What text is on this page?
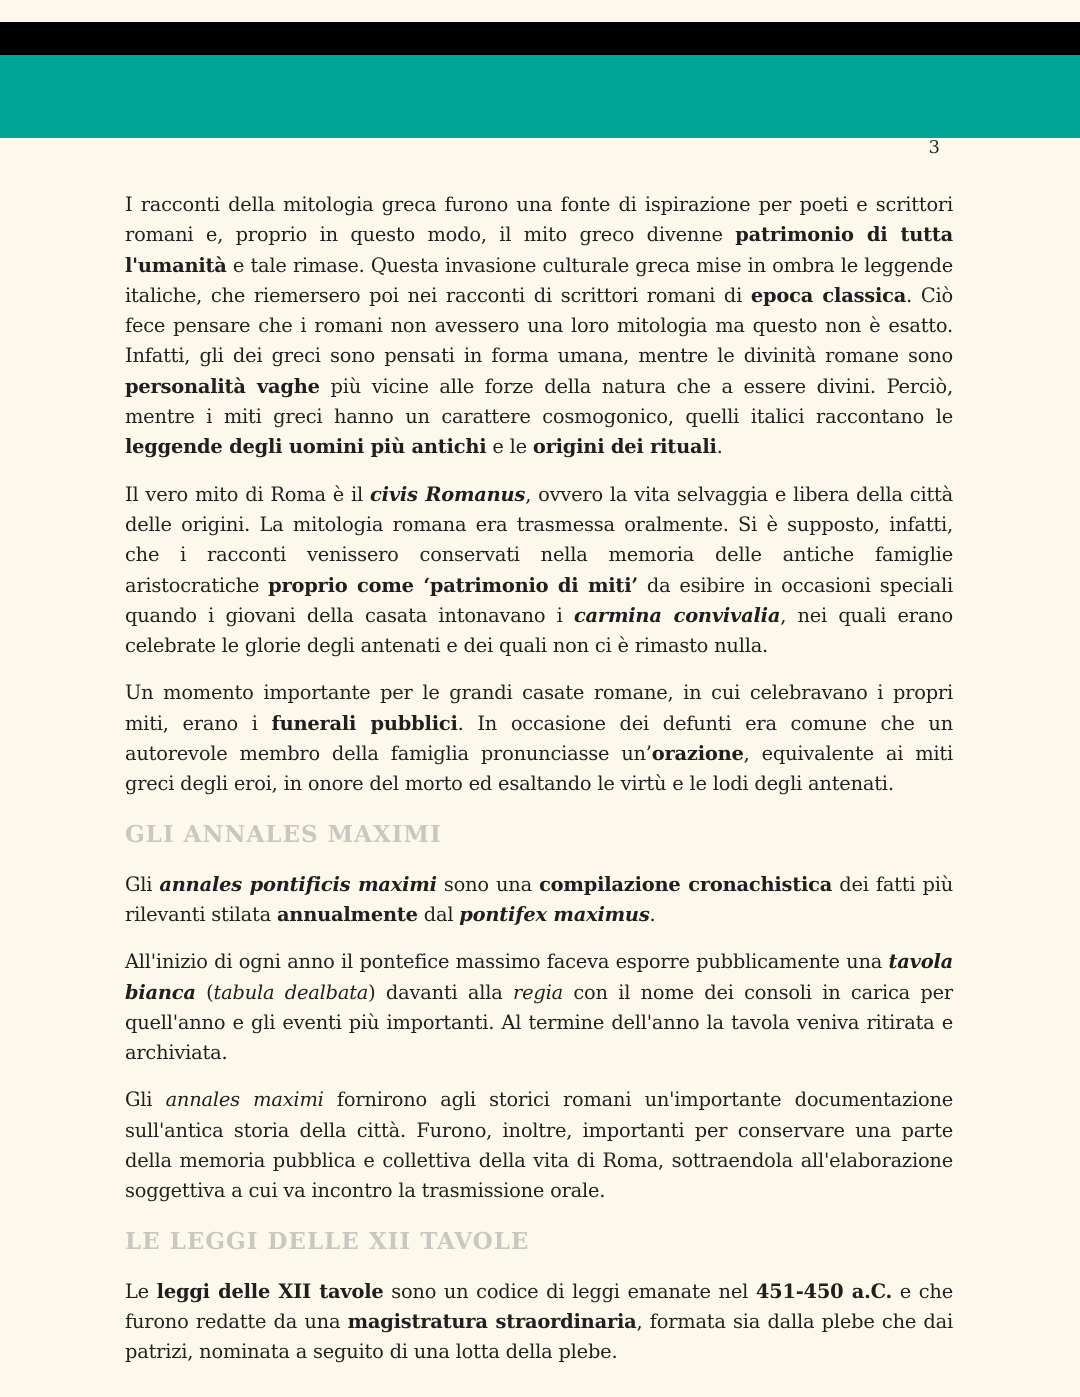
3

I racconti della mitologia greca furono una fonte di ispirazione per poeti e scrittori romani e, proprio in questo modo, il mito greco divenne patrimonio di tutta l'umanità e tale rimase. Questa invasione culturale greca mise in ombra le leggende italiche, che riemersero poi nei racconti di scrittori romani di epoca classica. Ciò fece pensare che i romani non avessero una loro mitologia ma questo non è esatto. Infatti, gli dei greci sono pensati in forma umana, mentre le divinità romane sono personalità vaghe più vicine alle forze della natura che a essere divini. Perciò, mentre i miti greci hanno un carattere cosmogonico, quelli italici raccontano le leggende degli uomini più antichi e le origini dei rituali.

Il vero mito di Roma è il civis Romanus, ovvero la vita selvaggia e libera della città delle origini. La mitologia romana era trasmessa oralmente. Si è supposto, infatti, che i racconti venissero conservati nella memoria delle antiche famiglie aristocratiche proprio come ‘patrimonio di miti’ da esibire in occasioni speciali quando i giovani della casata intonavano i carmina convivalia, nei quali erano celebrate le glorie degli antenati e dei quali non ci è rimasto nulla.

Un momento importante per le grandi casate romane, in cui celebravano i propri miti, erano i funerali pubblici. In occasione dei defunti era comune che un autorevole membro della famiglia pronunciasse un’orazione, equivalente ai miti greci degli eroi, in onore del morto ed esaltando le virtù e le lodi degli antenati.

GLI ANNALES MAXIMI

Gli annales pontificis maximi sono una compilazione cronachistica dei fatti più rilevanti stilata annualmente dal pontifex maximus.

All'inizio di ogni anno il pontefice massimo faceva esporre pubblicamente una tavola bianca (tabula dealbata) davanti alla regia con il nome dei consoli in carica per quell'anno e gli eventi più importanti. Al termine dell'anno la tavola veniva ritirata e archiviata.

Gli annales maximi fornirono agli storici romani un'importante documentazione sull'antica storia della città. Furono, inoltre, importanti per conservare una parte della memoria pubblica e collettiva della vita di Roma, sottraendola all'elaborazione soggettiva a cui va incontro la trasmissione orale.

LE LEGGI DELLE XII TAVOLE

Le leggi delle XII tavole sono un codice di leggi emanate nel 451-450 a.C. e che furono redatte da una magistratura straordinaria, formata sia dalla plebe che dai patrizi, nominata a seguito di una lotta della plebe.
